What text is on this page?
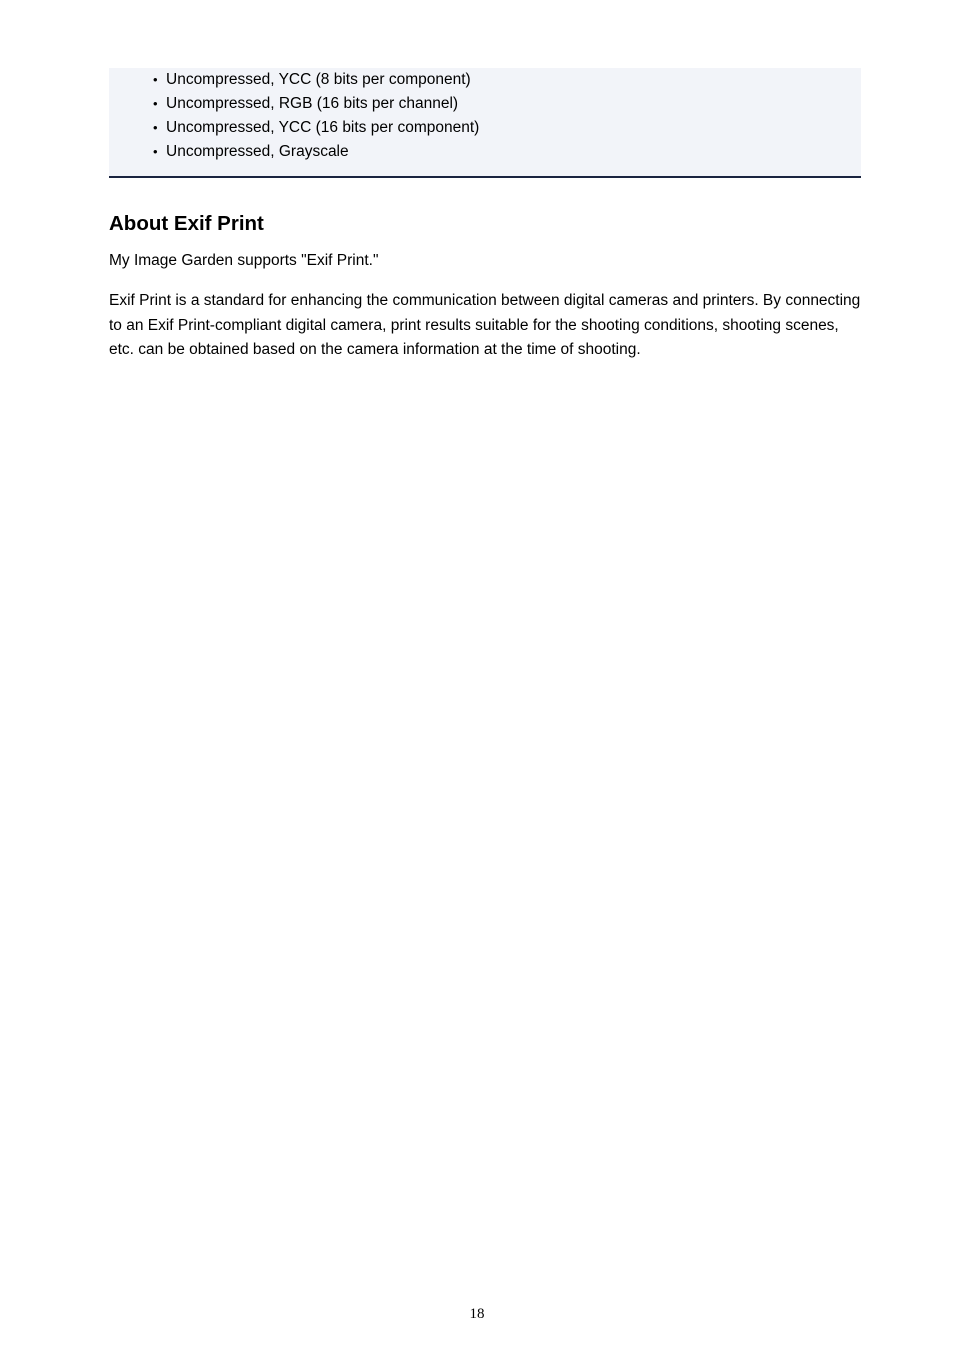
• Uncompressed, YCC (8 bits per component)
• Uncompressed, RGB (16 bits per channel)
• Uncompressed, YCC (16 bits per component)
• Uncompressed, Grayscale
About Exif Print

My Image Garden supports "Exif Print."

Exif Print is a standard for enhancing the communication between digital cameras and printers. By connecting to an Exif Print-compliant digital camera, print results suitable for the shooting conditions, shooting scenes, etc. can be obtained based on the camera information at the time of shooting.

18
